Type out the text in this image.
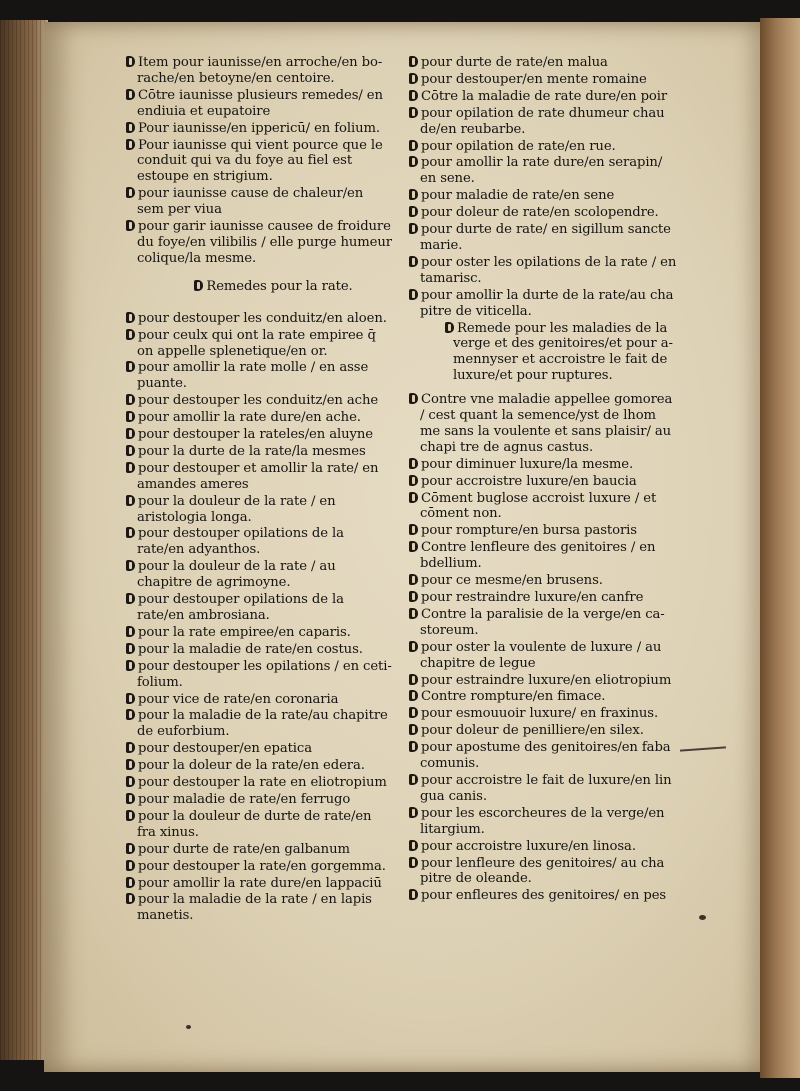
Item pour iaunisse/en arroche/en borache/en betoyne/en centoire.

Cōtre iaunisse plusieurs remedes/ en endiuia et eupatoire

Pour iaunisse/en ippericū/ en folium.

Pour iaunisse qui vient pource que le conduit qui va du foye au fiel est estoupe en strigium.

pour iaunisse cause de chaleur/en sem per viua

pour garir iaunisse causee de froidure du foye/en vilibilis / elle purge humeur colique/la mesme.

Remedes pour la rate.

pour destouper les conduitz/en aloen.

pour ceulx qui ont la rate empiree q̄ on appelle splenetique/en or.

pour amollir la rate molle / en asse puante.

pour destouper les conduitz/en ache

pour amollir la rate dure/en ache.

pour destouper la rateles/en aluyne

pour la durte de la rate/la mesmes

pour destouper et amollir la rate/ en amandes ameres

pour la douleur de la rate / en aristologia longa.

pour destouper opilations de la rate/en adyanthos.

pour la douleur de la rate / au chapitre de agrimoyne.

pour destouper opilations de la rate/en ambrosiana.

pour la rate empiree/en caparis.

pour la maladie de rate/en costus.

pour destouper les opilations / en cetifolium.

pour vice de rate/en coronaria

pour la maladie de la rate/au chapitre de euforbium.

pour destouper/en epatica

pour la doleur de la rate/en edera.

pour destouper la rate en eliotropium

pour maladie de rate/en ferrugo

pour la douleur de durte de rate/en fra xinus.

pour durte de rate/en galbanum

pour destouper la rate/en gorgemma.

pour amollir la rate dure/en lappaciū

pour la maladie de la rate / en lapis manetis.

pour durte de rate/en malua

pour destouper/en mente romaine

Cōtre la maladie de rate dure/en poir

pour opilation de rate dhumeur chau de/en reubarbe.

pour opilation de rate/en rue.

pour amollir la rate dure/en serapin/ en sene.

pour maladie de rate/en sene

pour doleur de rate/en scolopendre.

pour durte de rate/ en sigillum sancte marie.

pour oster les opilations de la rate / en tamarisc.

pour amollir la durte de la rate/au cha pitre de viticella.

Remede pour les maladies de la verge et des genitoires/et pour amennyser et accroistre le fait de luxure/et pour ruptures.

Contre vne maladie appellee gomorea / cest quant la semence/yst de lhom me sans la voulente et sans plaisir/ au chapi tre de agnus castus.

pour diminuer luxure/la mesme.

pour accroistre luxure/en baucia

Cōment buglose accroist luxure / et cōment non.

pour rompture/en bursa pastoris

Contre lenfleure des genitoires / en bdellium.

pour ce mesme/en brusens.

pour restraindre luxure/en canfre

Contre la paralisie de la verge/en castoreum.

pour oster la voulente de luxure / au chapitre de legue

pour estraindre luxure/en eliotropium

Contre rompture/en fimace.

pour esmouuoir luxure/ en fraxinus.

pour doleur de penilliere/en silex.

pour apostume des genitoires/en faba comunis.

pour accroistre le fait de luxure/en lin gua canis.

pour les escorcheures de la verge/en litargium.

pour accroistre luxure/en linosa.

pour lenfleure des genitoires/ au cha pitre de oleande.

pour enfleures des genitoires/ en pes
